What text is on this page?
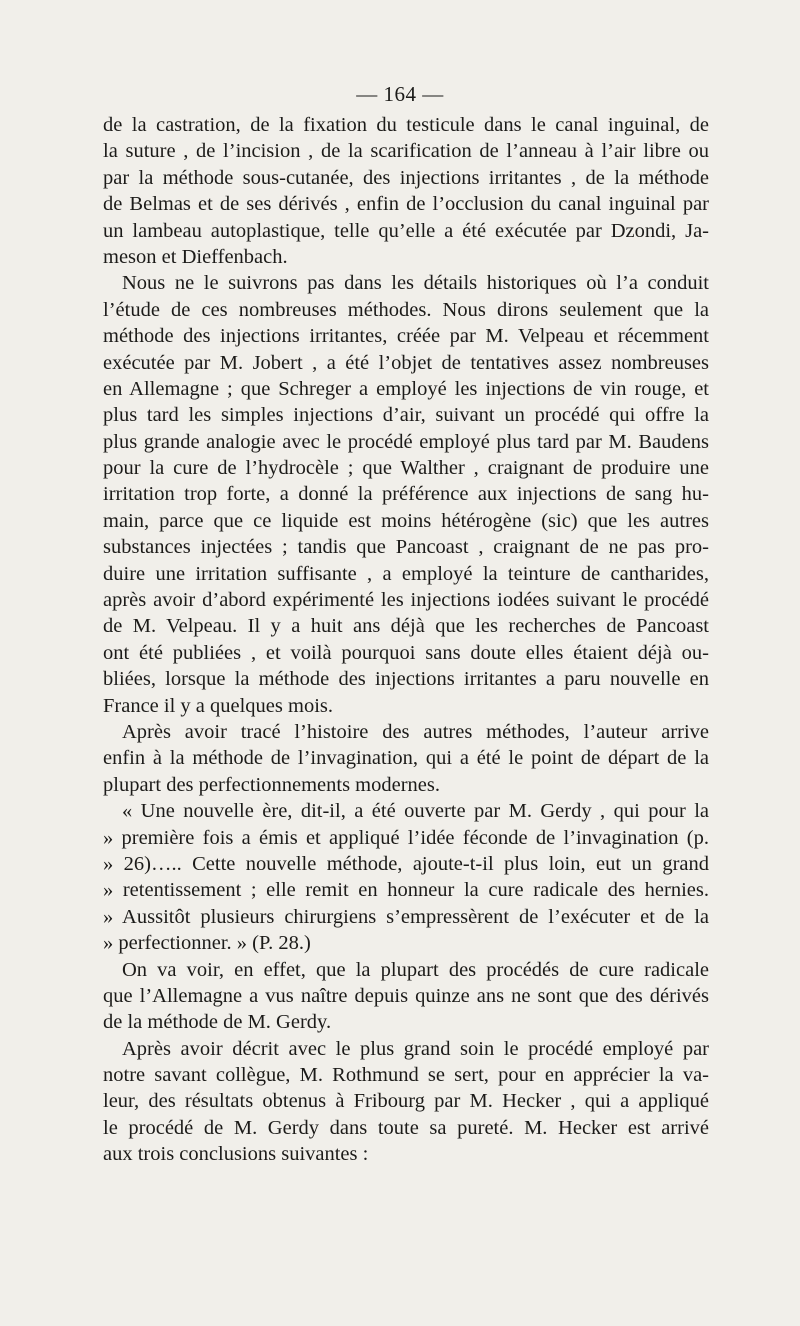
— 164 —
de la castration, de la fixation du testicule dans le canal inguinal, de
la suture , de l’incision , de la scarification de l’anneau à l’air libre ou
par la méthode sous-cutanée, des injections irritantes , de la méthode
de Belmas et de ses dérivés , enfin de l’occlusion du canal inguinal par
un lambeau autoplastique, telle qu’elle a été exécutée par Dzondi, Ja-
meson et Dieffenbach.
Nous ne le suivrons pas dans les détails historiques où l’a conduit
l’étude de ces nombreuses méthodes. Nous dirons seulement que la
méthode des injections irritantes, créée par M. Velpeau et récemment
exécutée par M. Jobert , a été l’objet de tentatives assez nombreuses
en Allemagne ; que Schreger a employé les injections de vin rouge, et
plus tard les simples injections d’air, suivant un procédé qui offre la
plus grande analogie avec le procédé employé plus tard par M. Baudens
pour la cure de l’hydrocèle ; que Walther , craignant de produire une
irritation trop forte, a donné la préférence aux injections de sang hu-
main, parce que ce liquide est moins hétérogène (sic) que les autres
substances injectées ; tandis que Pancoast , craignant de ne pas pro-
duire une irritation suffisante , a employé la teinture de cantharides,
après avoir d’abord expérimenté les injections iodées suivant le procédé
de M. Velpeau. Il y a huit ans déjà que les recherches de Pancoast
ont été publiées , et voilà pourquoi sans doute elles étaient déjà ou-
bliées, lorsque la méthode des injections irritantes a paru nouvelle en
France il y a quelques mois.
Après avoir tracé l’histoire des autres méthodes, l’auteur arrive
enfin à la méthode de l’invagination, qui a été le point de départ de la
plupart des perfectionnements modernes.
« Une nouvelle ère, dit-il, a été ouverte par M. Gerdy , qui pour la
» première fois a émis et appliqué l’idée féconde de l’invagination (p.
» 26)….. Cette nouvelle méthode, ajoute-t-il plus loin, eut un grand
» retentissement ; elle remit en honneur la cure radicale des hernies.
» Aussitôt plusieurs chirurgiens s’empressèrent de l’exécuter et de la
» perfectionner. » (P. 28.)
On va voir, en effet, que la plupart des procédés de cure radicale
que l’Allemagne a vus naître depuis quinze ans ne sont que des dérivés
de la méthode de M. Gerdy.
Après avoir décrit avec le plus grand soin le procédé employé par
notre savant collègue, M. Rothmund se sert, pour en apprécier la va-
leur, des résultats obtenus à Fribourg par M. Hecker , qui a appliqué
le procédé de M. Gerdy dans toute sa pureté. M. Hecker est arrivé
aux trois conclusions suivantes :
